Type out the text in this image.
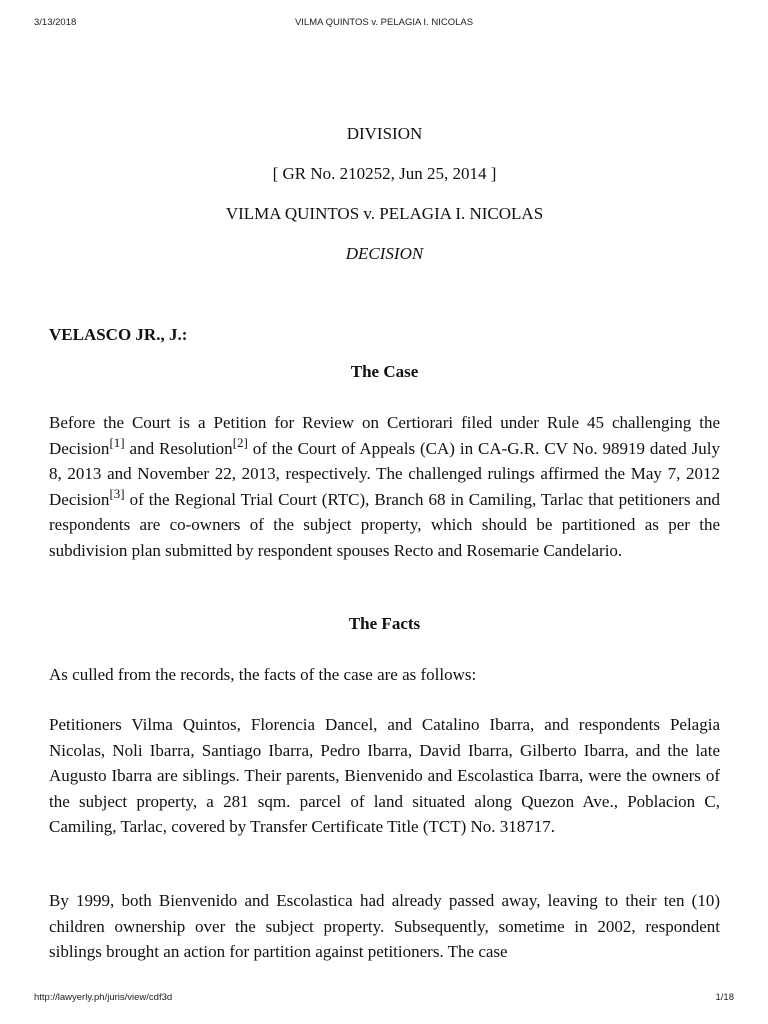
3/13/2018	VILMA QUINTOS v. PELAGIA I. NICOLAS
DIVISION
[ GR No. 210252, Jun 25, 2014 ]
VILMA QUINTOS v. PELAGIA I. NICOLAS
DECISION
VELASCO JR., J.:
The Case

Before the Court is a Petition for Review on Certiorari filed under Rule 45 challenging the Decision[1] and Resolution[2] of the Court of Appeals (CA) in CA-G.R. CV No. 98919 dated July 8, 2013 and November 22, 2013, respectively. The challenged rulings affirmed the May 7, 2012 Decision[3] of the Regional Trial Court (RTC), Branch 68 in Camiling, Tarlac that petitioners and respondents are co-owners of the subject property, which should be partitioned as per the subdivision plan submitted by respondent spouses Recto and Rosemarie Candelario.

The Facts

As culled from the records, the facts of the case are as follows:

Petitioners Vilma Quintos, Florencia Dancel, and Catalino Ibarra, and respondents Pelagia Nicolas, Noli Ibarra, Santiago Ibarra, Pedro Ibarra, David Ibarra, Gilberto Ibarra, and the late Augusto Ibarra are siblings. Their parents, Bienvenido and Escolastica Ibarra, were the owners of the subject property, a 281 sqm. parcel of land situated along Quezon Ave., Poblacion C, Camiling, Tarlac, covered by Transfer Certificate Title (TCT) No. 318717.

By 1999, both Bienvenido and Escolastica had already passed away, leaving to their ten (10) children ownership over the subject property. Subsequently, sometime in 2002, respondent siblings brought an action for partition against petitioners. The case

http://lawyerly.ph/juris/view/cdf3d	1/18
